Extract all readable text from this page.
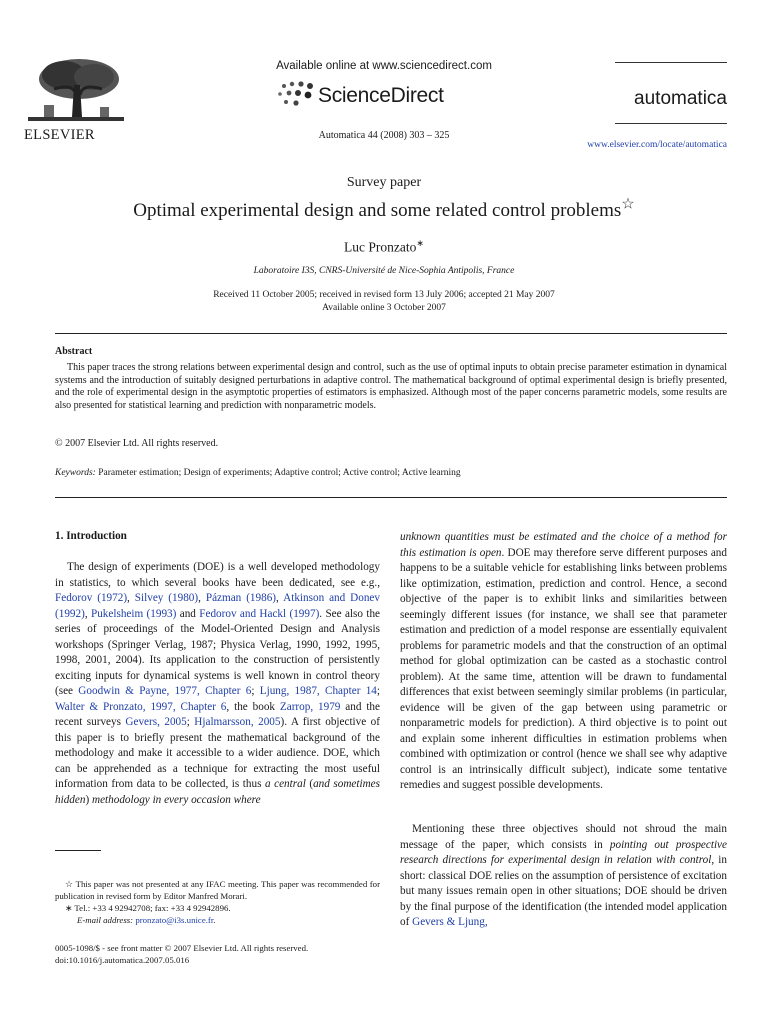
ELSEVIER
Available online at www.sciencedirect.com
ScienceDirect
Automatica 44 (2008) 303 – 325
automatica
www.elsevier.com/locate/automatica
Survey paper
Optimal experimental design and some related control problems☆
Luc Pronzato∗
Laboratoire I3S, CNRS-Université de Nice-Sophia Antipolis, France
Received 11 October 2005; received in revised form 13 July 2006; accepted 21 May 2007
Available online 3 October 2007
Abstract

This paper traces the strong relations between experimental design and control, such as the use of optimal inputs to obtain precise parameter estimation in dynamical systems and the introduction of suitably designed perturbations in adaptive control. The mathematical background of optimal experimental design is briefly presented, and the role of experimental design in the asymptotic properties of estimators is emphasized. Although most of the paper concerns parametric models, some results are also presented for statistical learning and prediction with nonparametric models.

© 2007 Elsevier Ltd. All rights reserved.
Keywords: Parameter estimation; Design of experiments; Adaptive control; Active control; Active learning
1. Introduction

The design of experiments (DOE) is a well developed methodology in statistics, to which several books have been dedicated, see e.g., Fedorov (1972), Silvey (1980), Pázman (1986), Atkinson and Donev (1992), Pukelsheim (1993) and Fedorov and Hackl (1997). See also the series of proceedings of the Model-Oriented Design and Analysis workshops (Springer Verlag, 1987; Physica Verlag, 1990, 1992, 1995, 1998, 2001, 2004). Its application to the construction of persistently exciting inputs for dynamical systems is well known in control theory (see Goodwin & Payne, 1977, Chapter 6; Ljung, 1987, Chapter 14; Walter & Pronzato, 1997, Chapter 6, the book Zarrop, 1979 and the recent surveys Gevers, 2005; Hjalmarsson, 2005). A first objective of this paper is to briefly present the mathematical background of the methodology and make it accessible to a wider audience. DOE, which can be apprehended as a technique for extracting the most useful information from data to be collected, is thus a central (and sometimes hidden) methodology in every occasion where

☆ This paper was not presented at any IFAC meeting. This paper was recommended for publication in revised form by Editor Manfred Morari.

∗ Tel.: +33 4 92942708; fax: +33 4 92942896.

E-mail address: pronzato@i3s.unice.fr.

0005-1098/$ - see front matter © 2007 Elsevier Ltd. All rights reserved.
doi:10.1016/j.automatica.2007.05.016

unknown quantities must be estimated and the choice of a method for this estimation is open. DOE may therefore serve different purposes and happens to be a suitable vehicle for establishing links between problems like optimization, estimation, prediction and control. Hence, a second objective of the paper is to exhibit links and similarities between seemingly different issues (for instance, we shall see that parameter estimation and prediction of a model response are essentially equivalent problems for parametric models and that the construction of an optimal method for global optimization can be casted as a stochastic control problem). At the same time, attention will be drawn to fundamental differences that exist between seemingly similar problems (in particular, evidence will be given of the gap between using parametric or nonparametric models for prediction). A third objective is to point out and explain some inherent difficulties in estimation problems when combined with optimization or control (hence we shall see why adaptive control is an intrinsically difficult subject), indicate some tentative remedies and suggest possible developments.

Mentioning these three objectives should not shroud the main message of the paper, which consists in pointing out prospective research directions for experimental design in relation with control, in short: classical DOE relies on the assumption of persistence of excitation but many issues remain open in other situations; DOE should be driven by the final purpose of the identification (the intended model application of Gevers & Ljung,
